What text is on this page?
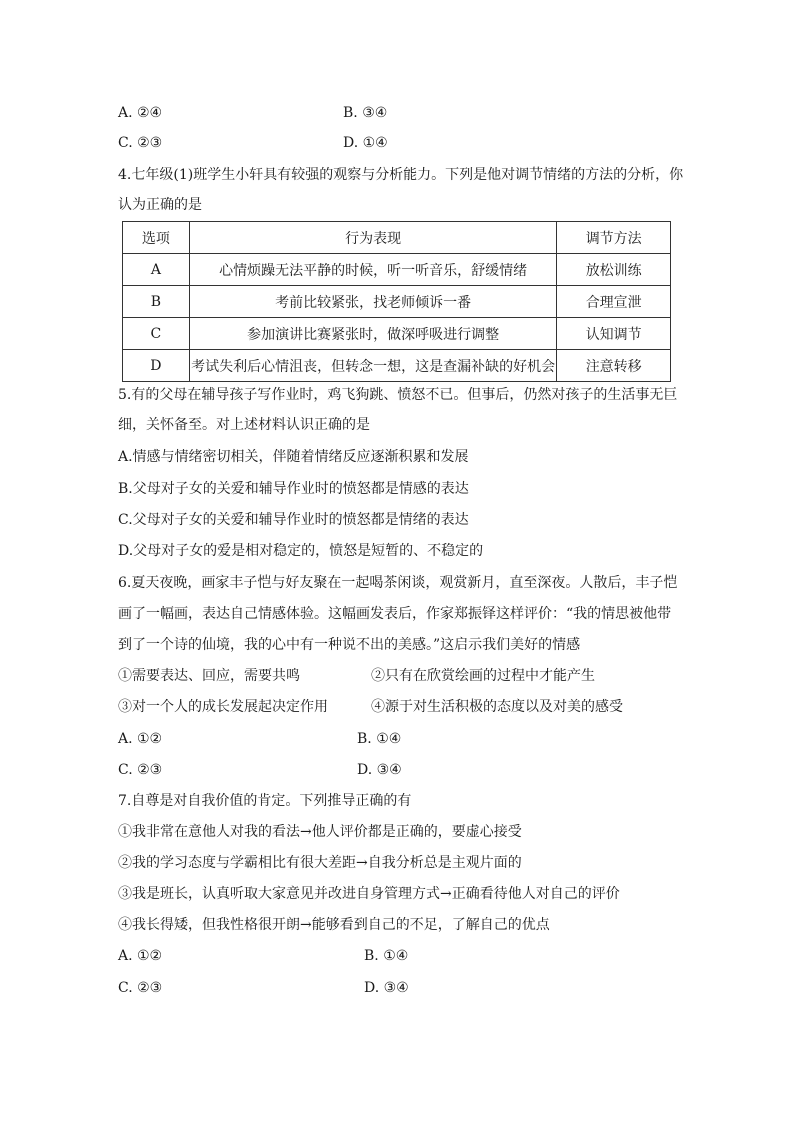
A. ②④	B. ③④
C. ②③	D. ①④
4.七年级(1)班学生小轩具有较强的观察与分析能力。下列是他对调节情绪的方法的分析，你
认为正确的是
选项	行为表现	调节方法
A	心情烦躁无法平静的时候，听一听音乐，舒缓情绪	放松训练
B	考前比较紧张，找老师倾诉一番	合理宣泄
C	参加演讲比赛紧张时，做深呼吸进行调整	认知调节
D	考试失利后心情沮丧，但转念一想，这是查漏补缺的好机会	注意转移
5.有的父母在辅导孩子写作业时，鸡飞狗跳、愤怒不已。但事后，仍然对孩子的生活事无巨
细，关怀备至。对上述材料认识正确的是
A.情感与情绪密切相关，伴随着情绪反应逐渐积累和发展
B.父母对子女的关爱和辅导作业时的愤怒都是情感的表达
C.父母对子女的关爱和辅导作业时的愤怒都是情绪的表达
D.父母对子女的爱是相对稳定的，愤怒是短暂的、不稳定的
6.夏天夜晚，画家丰子恺与好友聚在一起喝茶闲谈，观赏新月，直至深夜。人散后，丰子恺
画了一幅画，表达自己情感体验。这幅画发表后，作家郑振铎这样评价：“我的情思被他带
到了一个诗的仙境，我的心中有一种说不出的美感。”这启示我们美好的情感
①需要表达、回应，需要共鸣	②只有在欣赏绘画的过程中才能产生
③对一个人的成长发展起决定作用	④源于对生活积极的态度以及对美的感受
A. ①②	B. ①④
C. ②③	D. ③④
7.自尊是对自我价值的肯定。下列推导正确的有
①我非常在意他人对我的看法→他人评价都是正确的，要虚心接受
②我的学习态度与学霸相比有很大差距→自我分析总是主观片面的
③我是班长，认真听取大家意见并改进自身管理方式→正确看待他人对自己的评价
④我长得矮，但我性格很开朗→能够看到自己的不足，了解自己的优点
A. ①②	B. ①④
C. ②③	D. ③④
